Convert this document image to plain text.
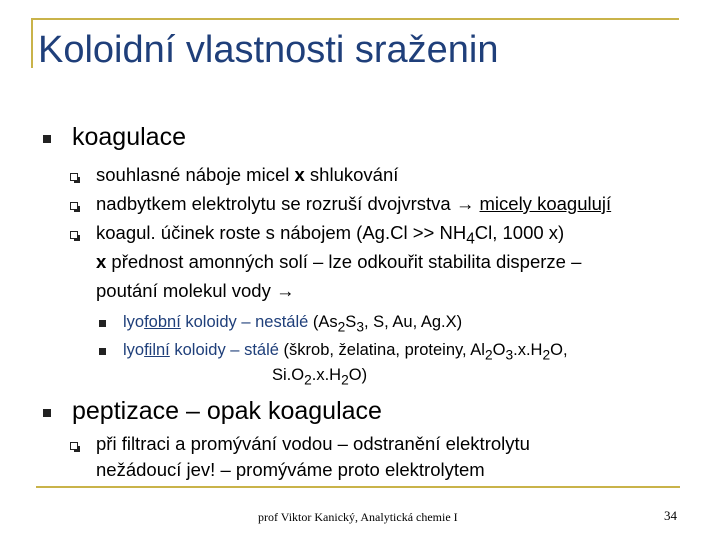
Koloidní vlastnosti sraženin
koagulace
souhlasné náboje micel x shlukování
nadbytkem elektrolytu se rozruší dvojvrstva → micely koagulují
koagul. účinek roste s nábojem ($Ag.Cl >> NH_4Cl$, 1000 x)
x přednost amonných solí – lze odkouřit stabilita disperze –
poutání molekul vody →
lyofobní koloidy – nestálé ($As_2S_3$, S, Au, Ag.X)
lyofilní koloidy – stálé (škrob, želatina, proteiny, $Al_2O_3.x.H_2O$,
$Si.O_2.x.H_2O$)
peptizace – opak koagulace
při filtraci a promývání vodou – odstranění elektrolytu
nežádoucí jev! – promýváme proto elektrolytem
prof Viktor Kanický, Analytická chemie I	34
